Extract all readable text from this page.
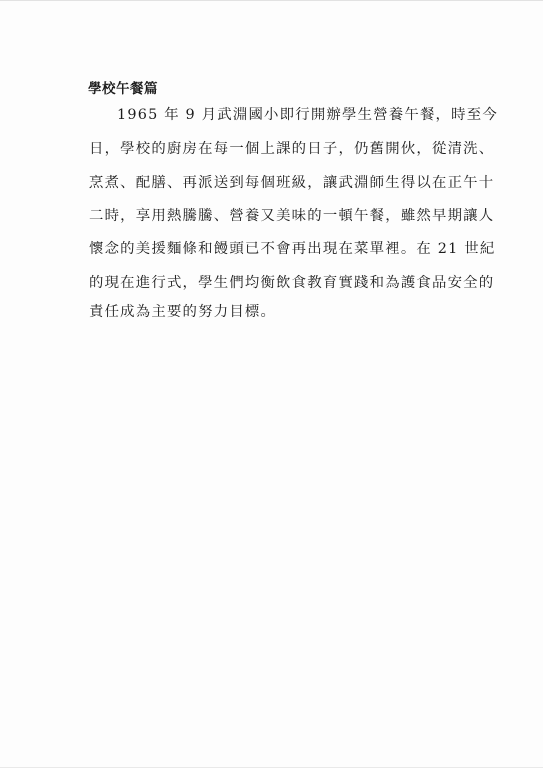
學校午餐篇

1965 年 9 月武淵國小即行開辦學生營養午餐，時至今

日，學校的廚房在每一個上課的日子，仍舊開伙，從清洗、

烹煮、配膳、再派送到每個班級，讓武淵師生得以在正午十

二時，享用熱騰騰、營養又美味的一頓午餐，雖然早期讓人

懷念的美援麵條和饅頭已不會再出現在菜單裡。在 21 世紀

的現在進行式，學生們均衡飲食教育實踐和為護食品安全的

責任成為主要的努力目標。
